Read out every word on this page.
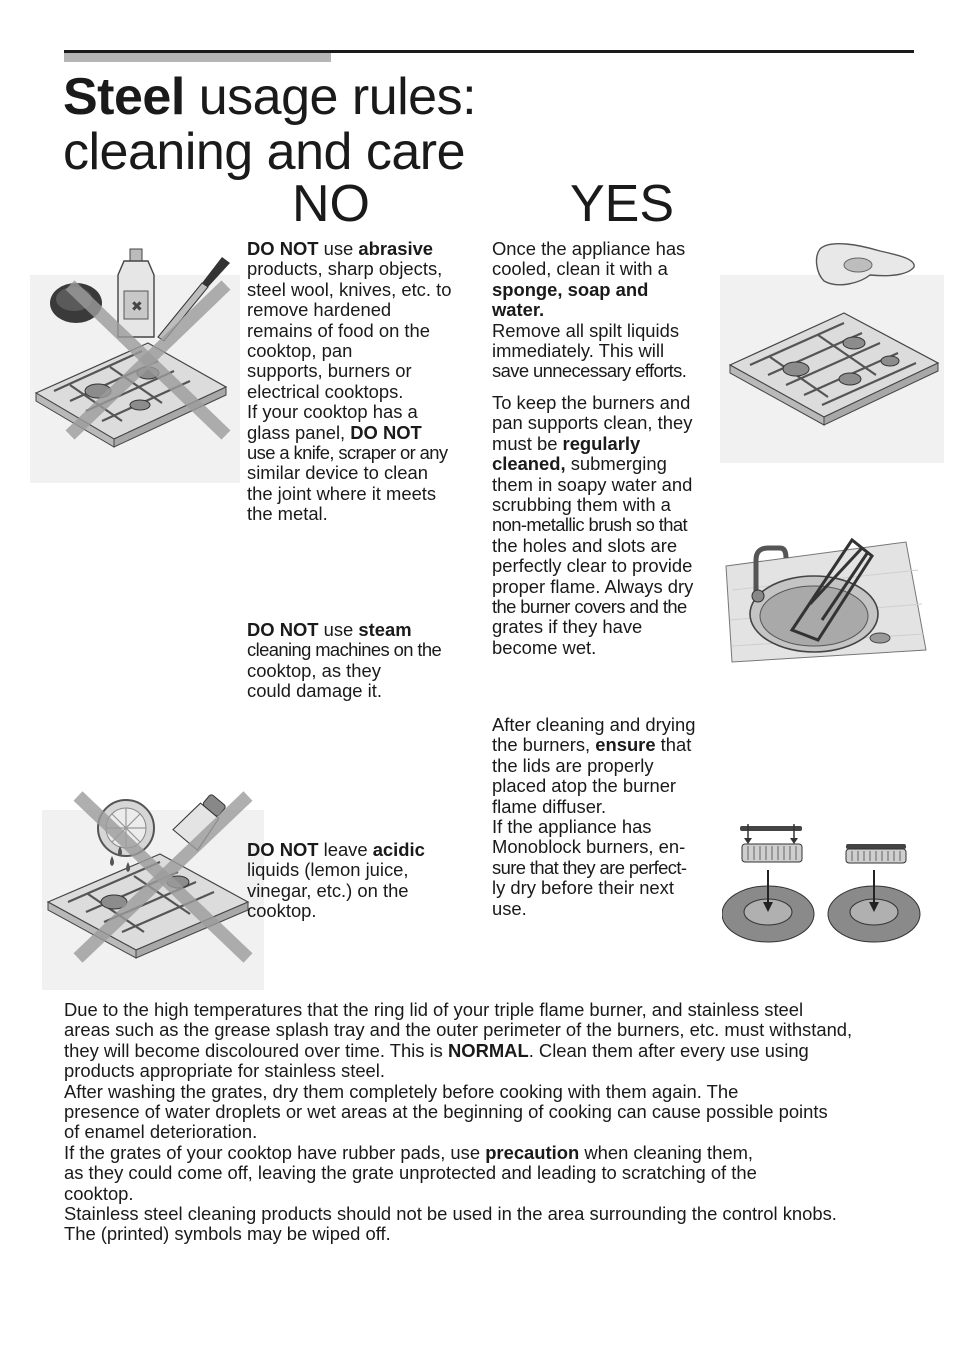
Steel usage rules:
cleaning and care
NO	YES
✖
DO NOT use abrasive
products, sharp objects,
steel wool, knives, etc. to
remove hardened
remains of food on the
cooktop, pan
supports, burners or
electrical cooktops.
If your cooktop has a
glass panel, DO NOT
use a knife, scraper or any
similar device to clean
the joint where it meets
the metal.
DO NOT use steam
cleaning machines on the
cooktop, as they
could damage it.
DO NOT leave acidic
liquids (lemon juice,
vinegar, etc.) on the
cooktop.
Once the appliance has
cooled, clean it with a
sponge, soap and
water.
Remove all spilt liquids
immediately. This will
save unnecessary efforts.
To keep the burners and
pan supports clean, they
must be regularly
cleaned, submerging
them in soapy water and
scrubbing them with a
non-metallic brush so that
the holes and slots are
perfectly clear to provide
proper flame. Always dry
the burner covers and the
grates if they have
become wet.
After cleaning and drying
the burners, ensure that
the lids are properly
placed atop the burner
flame diffuser.
If the appliance has
Monoblock burners, en-
sure that they are perfect-
ly dry before their next
use.
Due to the high temperatures that the ring lid of your triple flame burner, and stainless steel
areas such as the grease splash tray and the outer perimeter of the burners, etc. must withstand,
they will become discoloured over time. This is NORMAL. Clean them after every use using
products appropriate for stainless steel.
After washing the grates, dry them completely before cooking with them again. The
presence of water droplets or wet areas at the beginning of cooking can cause possible points
of enamel deterioration.
If the grates of your cooktop have rubber pads, use precaution when cleaning them,
as they could come off, leaving the grate unprotected and leading to scratching of the
cooktop.
Stainless steel cleaning products should not be used in the area surrounding the control knobs.
The (printed) symbols may be wiped off.
